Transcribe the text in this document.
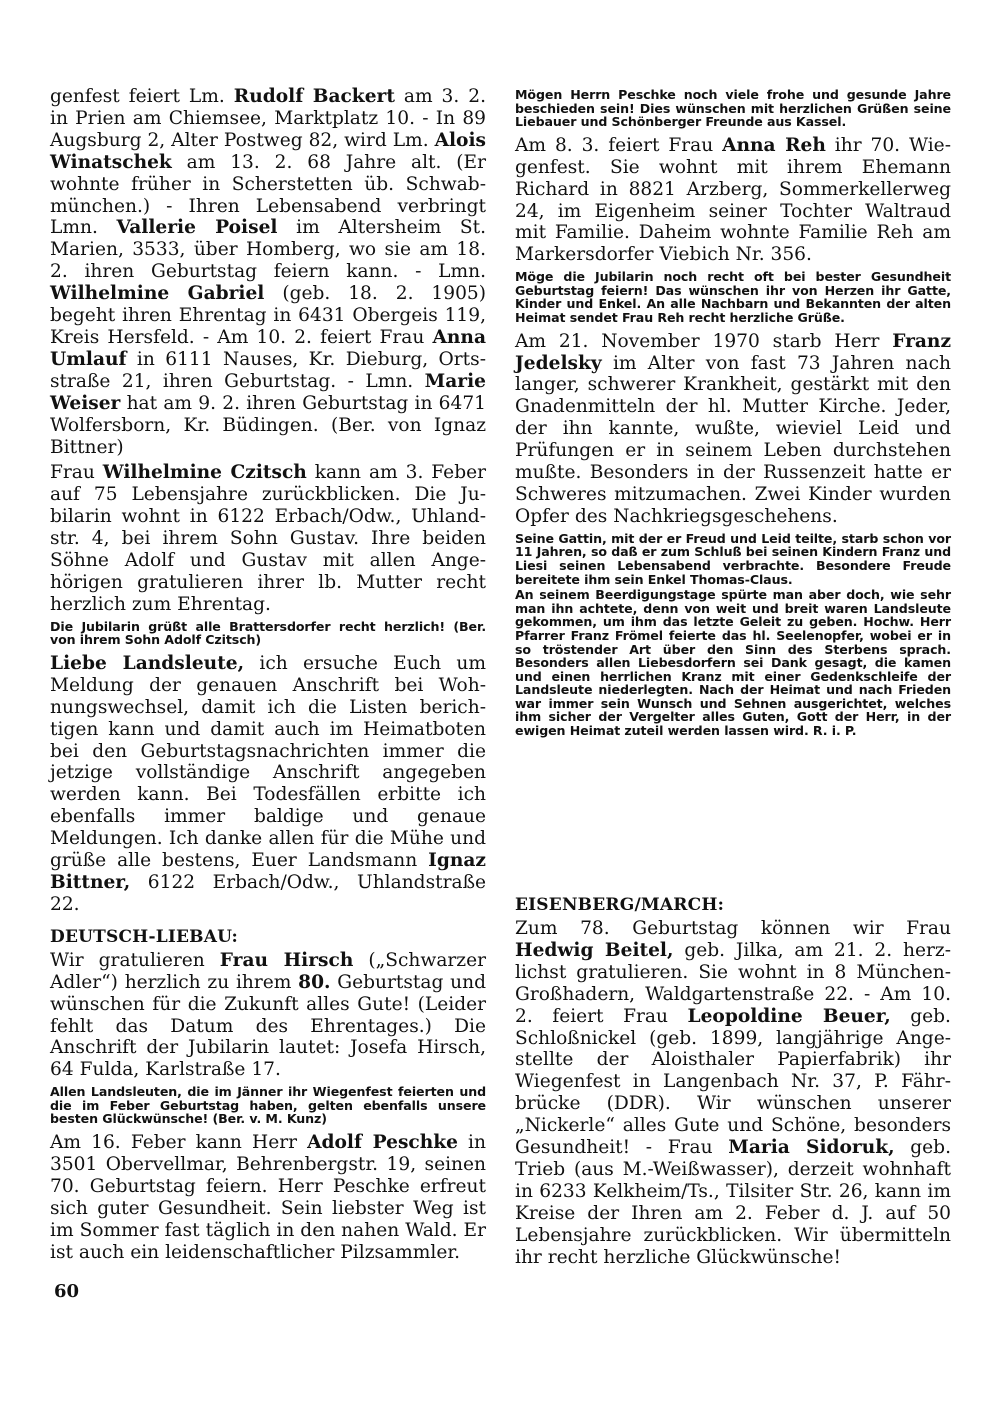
genfest feiert Lm. Rudolf Backert am 3. 2. in Prien am Chiemsee, Marktplatz 10. - In 89 Augsburg 2, Alter Postweg 82, wird Lm. Alois Winatschek am 13. 2. 68 Jahre alt. (Er wohnte früher in Scherstetten üb. Schwabmünchen.) - Ihren Lebensabend verbringt Lmn. Vallerie Poisel im Altersheim St. Marien, 3533, über Homberg, wo sie am 18. 2. ihren Geburtstag feiern kann. - Lmn. Wilhelmine Gabriel (geb. 18. 2. 1905) begeht ihren Ehrentag in 6431 Obergeis 119, Kreis Hersfeld. - Am 10. 2. feiert Frau Anna Umlauf in 6111 Nauses, Kr. Dieburg, Ortsstraße 21, ihren Geburtstag. - Lmn. Marie Weiser hat am 9. 2. ihren Geburtstag in 6471 Wolfersborn, Kr. Büdingen. (Ber. von Ignaz Bittner)

Frau Wilhelmine Czitsch kann am 3. Feber auf 75 Lebensjahre zurückblicken. Die Jubilarin wohnt in 6122 Erbach/Odw., Uhlandstr. 4, bei ihrem Sohn Gustav. Ihre beiden Söhne Adolf und Gustav mit allen Angehörigen gratulieren ihrer lb. Mutter recht herzlich zum Ehrentag.

Die Jubilarin grüßt alle Brattersdorfer recht herzlich! (Ber. von ihrem Sohn Adolf Czitsch)

Liebe Landsleute, ich ersuche Euch um Meldung der genauen Anschrift bei Wohnungswechsel, damit ich die Listen berichtigen kann und damit auch im Heimatboten bei den Geburtstagsnachrichten immer die jetzige vollständige Anschrift angegeben werden kann. Bei Todesfällen erbitte ich ebenfalls immer baldige und genaue Meldungen. Ich danke allen für die Mühe und grüße alle bestens, Euer Landsmann Ignaz Bittner, 6122 Erbach/Odw., Uhlandstraße 22.

DEUTSCH-LIEBAU:

Wir gratulieren Frau Hirsch („Schwarzer Adler“) herzlich zu ihrem 80. Geburtstag und wünschen für die Zukunft alles Gute! (Leider fehlt das Datum des Ehrentages.) Die Anschrift der Jubilarin lautet: Josefa Hirsch, 64 Fulda, Karlstraße 17.

Allen Landsleuten, die im Jänner ihr Wiegenfest feierten und die im Feber Geburtstag haben, gelten ebenfalls unsere besten Glückwünsche! (Ber. v. M. Kunz)

Am 16. Feber kann Herr Adolf Peschke in 3501 Obervellmar, Behrenbergstr. 19, seinen 70. Geburtstag feiern. Herr Peschke erfreut sich guter Gesundheit. Sein liebster Weg ist im Sommer fast täglich in den nahen Wald. Er ist auch ein leidenschaftlicher Pilzsammler.

60

Mögen Herrn Peschke noch viele frohe und gesunde Jahre beschieden sein! Dies wünschen mit herzlichen Grüßen seine Liebauer und Schönberger Freunde aus Kassel.

Am 8. 3. feiert Frau Anna Reh ihr 70. Wiegenfest. Sie wohnt mit ihrem Ehemann Richard in 8821 Arzberg, Sommerkellerweg 24, im Eigenheim seiner Tochter Waltraud mit Familie. Daheim wohnte Familie Reh am Markersdorfer Viebich Nr. 356.

Möge die Jubilarin noch recht oft bei bester Gesundheit Geburtstag feiern! Das wünschen ihr von Herzen ihr Gatte, Kinder und Enkel. An alle Nachbarn und Bekannten der alten Heimat sendet Frau Reh recht herzliche Grüße.

Am 21. November 1970 starb Herr Franz Jedelsky im Alter von fast 73 Jahren nach langer, schwerer Krankheit, gestärkt mit den Gnadenmitteln der hl. Mutter Kirche. Jeder, der ihn kannte, wußte, wieviel Leid und Prüfungen er in seinem Leben durchstehen mußte. Besonders in der Russenzeit hatte er Schweres mitzumachen. Zwei Kinder wurden Opfer des Nachkriegsgeschehens.

Seine Gattin, mit der er Freud und Leid teilte, starb schon vor 11 Jahren, so daß er zum Schluß bei seinen Kindern Franz und Liesi seinen Lebensabend verbrachte. Besondere Freude bereitete ihm sein Enkel Thomas-Claus.

An seinem Beerdigungstage spürte man aber doch, wie sehr man ihn achtete, denn von weit und breit waren Landsleute gekommen, um ihm das letzte Geleit zu geben. Hochw. Herr Pfarrer Franz Frömel feierte das hl. Seelenopfer, wobei er in so tröstender Art über den Sinn des Sterbens sprach. Besonders allen Liebesdorfern sei Dank gesagt, die kamen und einen herrlichen Kranz mit einer Gedenkschleife der Landsleute niederlegten. Nach der Heimat und nach Frieden war immer sein Wunsch und Sehnen ausgerichtet, welches ihm sicher der Vergelter alles Guten, Gott der Herr, in der ewigen Heimat zuteil werden lassen wird. R. i. P.

EISENBERG/MARCH:

Zum 78. Geburtstag können wir Frau Hedwig Beitel, geb. Jilka, am 21. 2. herzlichst gratulieren. Sie wohnt in 8 München-Großhadern, Waldgartenstraße 22. - Am 10. 2. feiert Frau Leopoldine Beuer, geb. Schloßnickel (geb. 1899, langjährige Angestellte der Aloisthaler Papierfabrik) ihr Wiegenfest in Langenbach Nr. 37, P. Fährbrücke (DDR). Wir wünschen unserer „Nickerle“ alles Gute und Schöne, besonders Gesundheit! - Frau Maria Sidoruk, geb. Trieb (aus M.-Weißwasser), derzeit wohnhaft in 6233 Kelkheim/Ts., Tilsiter Str. 26, kann im Kreise der Ihren am 2. Feber d. J. auf 50 Lebensjahre zurückblicken. Wir übermitteln ihr recht herzliche Glückwünsche!
